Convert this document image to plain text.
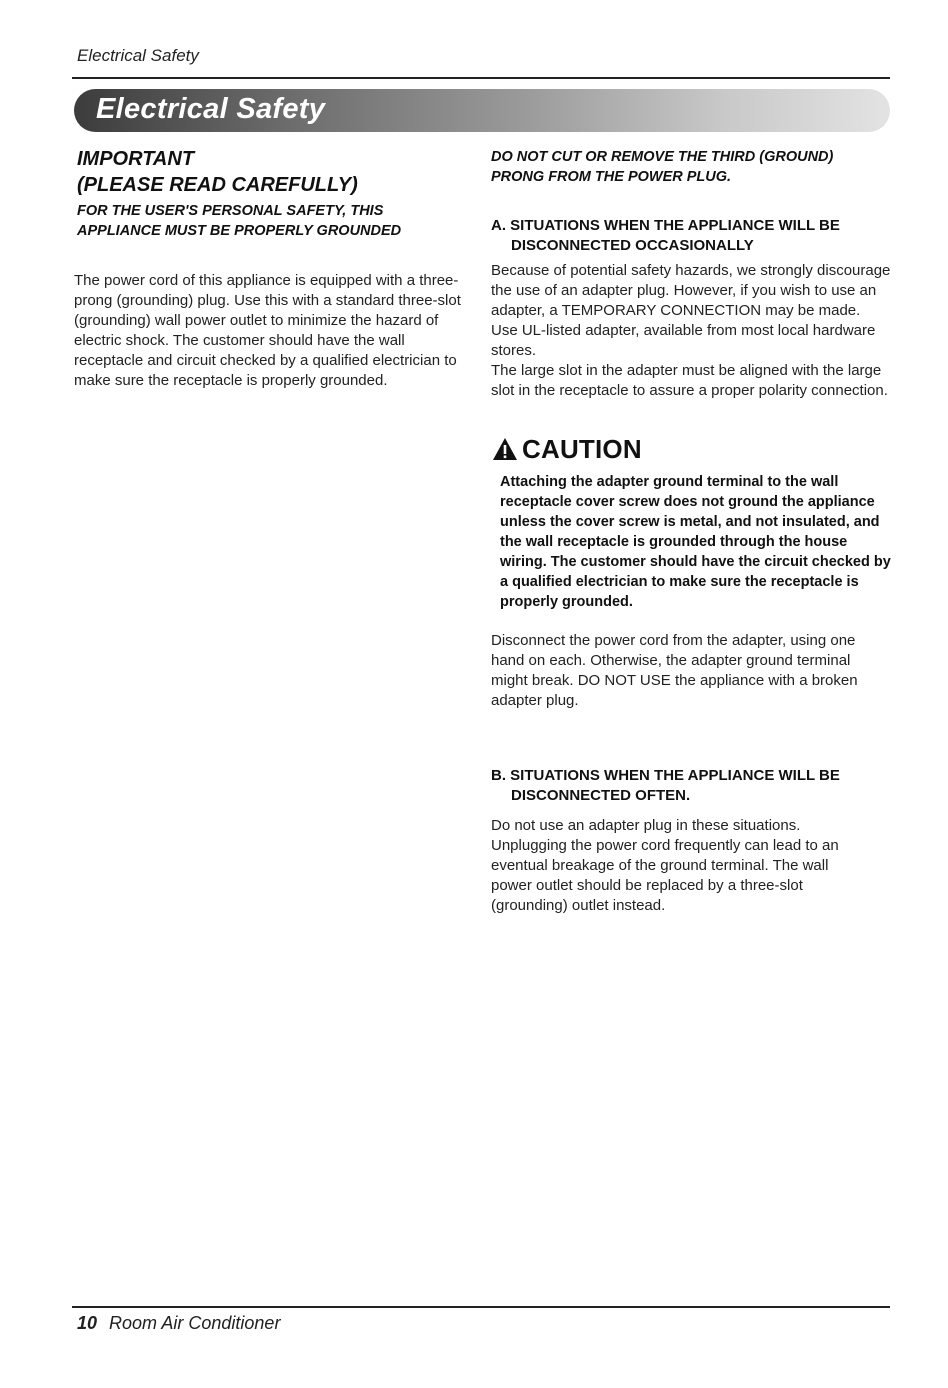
Electrical Safety
Electrical Safety
IMPORTANT
(PLEASE READ CAREFULLY)
FOR THE USER'S PERSONAL SAFETY, THIS
APPLIANCE MUST BE PROPERLY GROUNDED
The power cord of this appliance is equipped with a three-prong (grounding) plug. Use this with a standard three-slot (grounding) wall power outlet to minimize the hazard of electric shock. The customer should have the wall receptacle and circuit checked by a qualified electrician to make sure the receptacle is properly grounded.
DO NOT CUT OR REMOVE THE THIRD (GROUND)
PRONG FROM THE POWER PLUG.
A. SITUATIONS WHEN THE APPLIANCE WILL BE
DISCONNECTED OCCASIONALLY
Because of potential safety hazards, we strongly discourage the use of an adapter plug. However, if you wish to use an adapter, a TEMPORARY CONNECTION may be made. Use UL-listed adapter, available from most local hardware stores.
The large slot in the adapter must be aligned with the large slot in the receptacle to assure a proper polarity connection.
CAUTION
Attaching the adapter ground terminal to the wall receptacle cover screw does not ground the appliance unless the cover screw is metal, and not insulated, and the wall receptacle is grounded through the house wiring. The customer should have the circuit checked by a qualified electrician to make sure the receptacle is properly grounded.
Disconnect the power cord from the adapter, using one hand on each. Otherwise, the adapter ground terminal might break. DO NOT USE the appliance with a broken adapter plug.
B. SITUATIONS WHEN THE APPLIANCE WILL BE
DISCONNECTED OFTEN.
Do not use an adapter plug in these situations. Unplugging the power cord frequently can lead to an eventual breakage of the ground terminal. The wall power outlet should be replaced by a three-slot (grounding) outlet instead.
10 Room Air Conditioner
